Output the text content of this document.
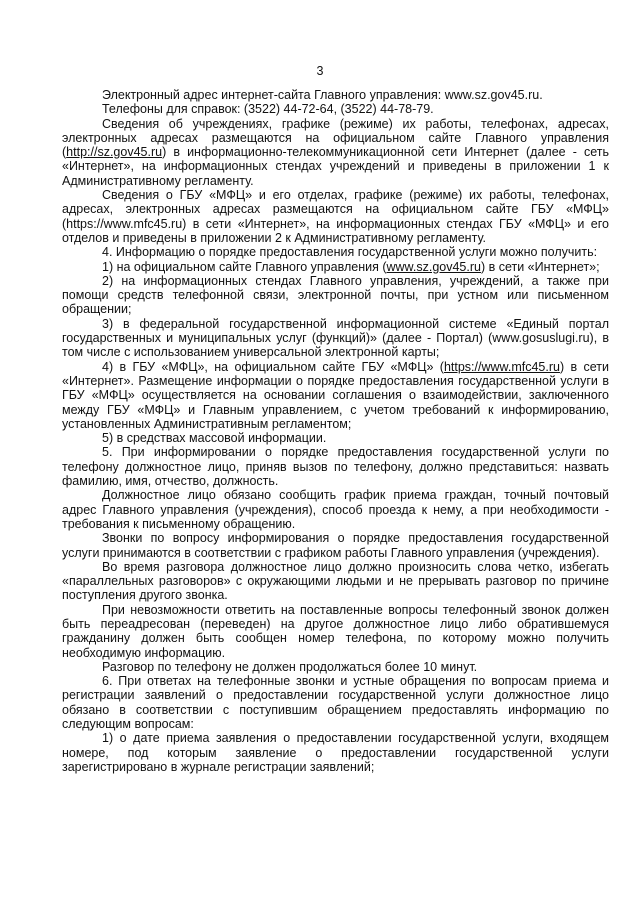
3

Электронный адрес интернет-сайта Главного управления: www.sz.gov45.ru.

Телефоны для справок: (3522) 44-72-64, (3522) 44-78-79.

Сведения об учреждениях, графике (режиме) их работы, телефонах, адресах, электронных адресах размещаются на официальном сайте Главного управления (http://sz.gov45.ru) в информационно-телекоммуникационной сети Интернет (далее - сеть «Интернет», на информационных стендах учреждений и приведены в приложении 1 к Административному регламенту.

Сведения о ГБУ «МФЦ» и его отделах, графике (режиме) их работы, телефонах, адресах, электронных адресах размещаются на официальном сайте ГБУ «МФЦ» (https://www.mfc45.ru) в сети «Интернет», на информационных стендах ГБУ «МФЦ» и его отделов и приведены в приложении 2 к Административному регламенту.

4. Информацию о порядке предоставления государственной услуги можно получить:

1) на официальном сайте Главного управления (www.sz.gov45.ru) в сети «Интернет»;

2) на информационных стендах Главного управления, учреждений, а также при помощи средств телефонной связи, электронной почты, при устном или письменном обращении;

3) в федеральной государственной информационной системе «Единый портал государственных и муниципальных услуг (функций)» (далее - Портал) (www.gosuslugi.ru), в том числе с использованием универсальной электронной карты;

4) в ГБУ «МФЦ», на официальном сайте ГБУ «МФЦ» (https://www.mfc45.ru) в сети «Интернет». Размещение информации о порядке предоставления государственной услуги в ГБУ «МФЦ» осуществляется на основании соглашения о взаимодействии, заключенного между ГБУ «МФЦ» и Главным управлением, с учетом требований к информированию, установленных Административным регламентом;

5) в средствах массовой информации.

5. При информировании о порядке предоставления государственной услуги по телефону должностное лицо, приняв вызов по телефону, должно представиться: назвать фамилию, имя, отчество, должность.

Должностное лицо обязано сообщить график приема граждан, точный почтовый адрес Главного управления (учреждения), способ проезда к нему, а при необходимости - требования к письменному обращению.

Звонки по вопросу информирования о порядке предоставления государственной услуги принимаются в соответствии с графиком работы Главного управления (учреждения).

Во время разговора должностное лицо должно произносить слова четко, избегать «параллельных разговоров» с окружающими людьми и не прерывать разговор по причине поступления другого звонка.

При невозможности ответить на поставленные вопросы телефонный звонок должен быть переадресован (переведен) на другое должностное лицо либо обратившемуся гражданину должен быть сообщен номер телефона, по которому можно получить необходимую информацию.

Разговор по телефону не должен продолжаться более 10 минут.

6. При ответах на телефонные звонки и устные обращения по вопросам приема и регистрации заявлений о предоставлении государственной услуги должностное лицо обязано в соответствии с поступившим обращением предоставлять информацию по следующим вопросам:

1) о дате приема заявления о предоставлении государственной услуги, входящем номере, под которым заявление о предоставлении государственной услуги зарегистрировано в журнале регистрации заявлений;
